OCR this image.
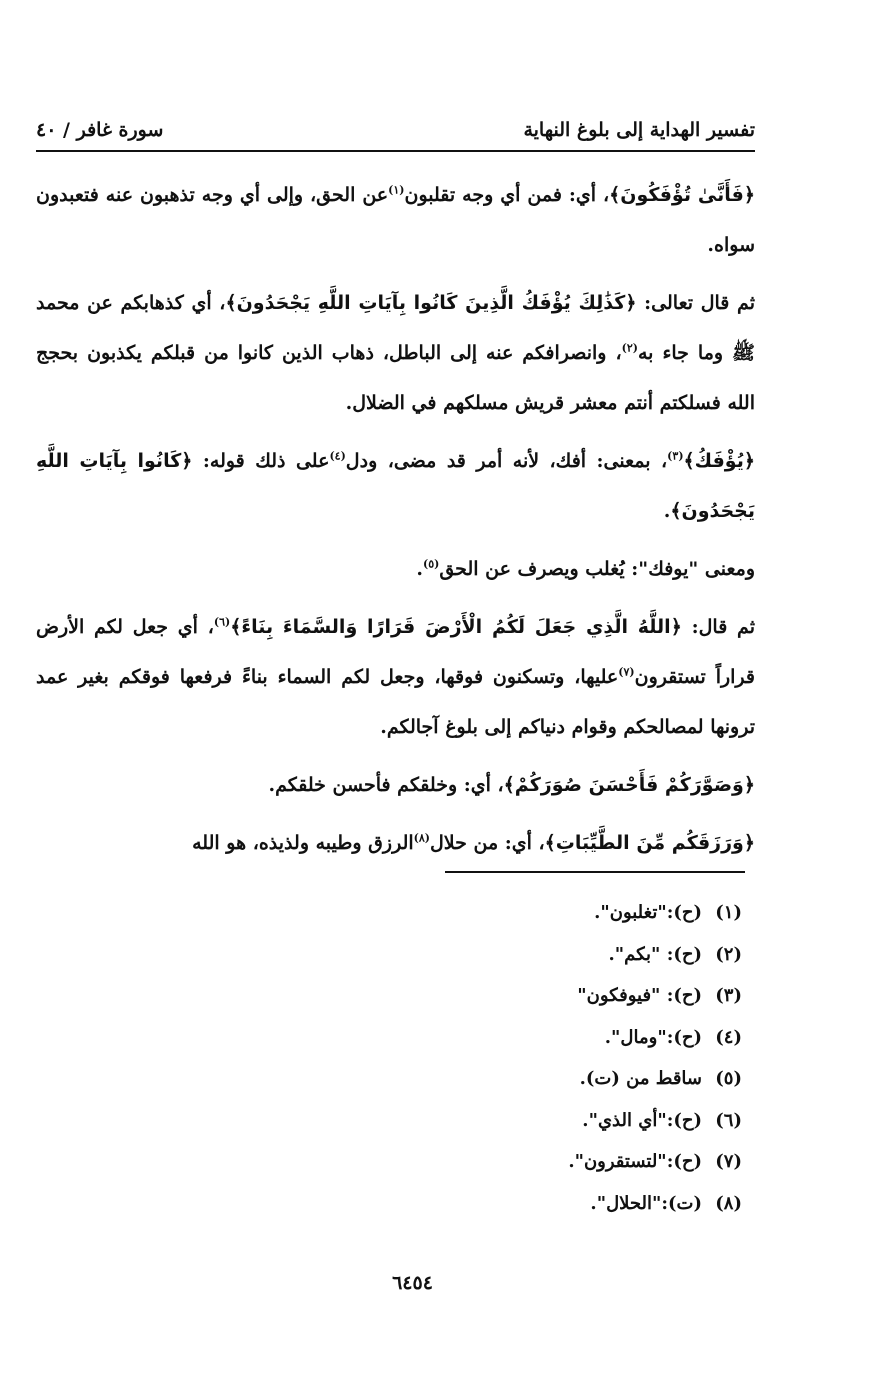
تفسير الهداية إلى بلوغ النهاية
سورة غافر / ٤٠

﴿فَأَنَّىٰ تُؤْفَكُونَ﴾، أي: فمن أي وجه تقلبون$^{(١)}$عن الحق، وإلى أي وجه تذهبون عنه فتعبدون سواه.

ثم قال تعالى: ﴿كَذَٰلِكَ يُؤْفَكُ الَّذِينَ كَانُوا بِآيَاتِ اللَّهِ يَجْحَدُونَ﴾، أي كذهابكم عن محمد ﷺ وما جاء به$^{(٢)}$، وانصرافكم عنه إلى الباطل، ذهاب الذين كانوا من قبلكم يكذبون بحجج الله فسلكتم أنتم معشر قريش مسلكهم في الضلال.

﴿يُؤْفَكُ﴾$^{(٣)}$، بمعنى: أفك، لأنه أمر قد مضى، ودل$^{(٤)}$على ذلك قوله: ﴿كَانُوا بِآيَاتِ اللَّهِ يَجْحَدُونَ﴾.

ومعنى "يوفك": يُغلب ويصرف عن الحق$^{(٥)}$.

ثم قال: ﴿اللَّهُ الَّذِي جَعَلَ لَكُمُ الْأَرْضَ قَرَارًا وَالسَّمَاءَ بِنَاءً﴾$^{(٦)}$، أي جعل لكم الأرض قراراً تستقرون$^{(٧)}$عليها، وتسكنون فوقها، وجعل لكم السماء بناءً فرفعها فوقكم بغير عمد ترونها لمصالحكم وقوام دنياكم إلى بلوغ آجالكم.

﴿وَصَوَّرَكُمْ فَأَحْسَنَ صُوَرَكُمْ﴾، أي: وخلقكم فأحسن خلقكم.

﴿وَرَزَقَكُم مِّنَ الطَّيِّبَاتِ﴾، أي: من حلال$^{(٨)}$الرزق وطيبه ولذيذه، هو الله

(١)
(ح):"تغلبون".
(٢)
(ح): "بكم".
(٣)
(ح): "فيوفكون"
(٤)
(ح):"ومال".
(٥)
ساقط من (ت).
(٦)
(ح):"أي الذي".
(٧)
(ح):"لتستقرون".
(٨)
(ت):"الحلال".
٦٤٥٤
